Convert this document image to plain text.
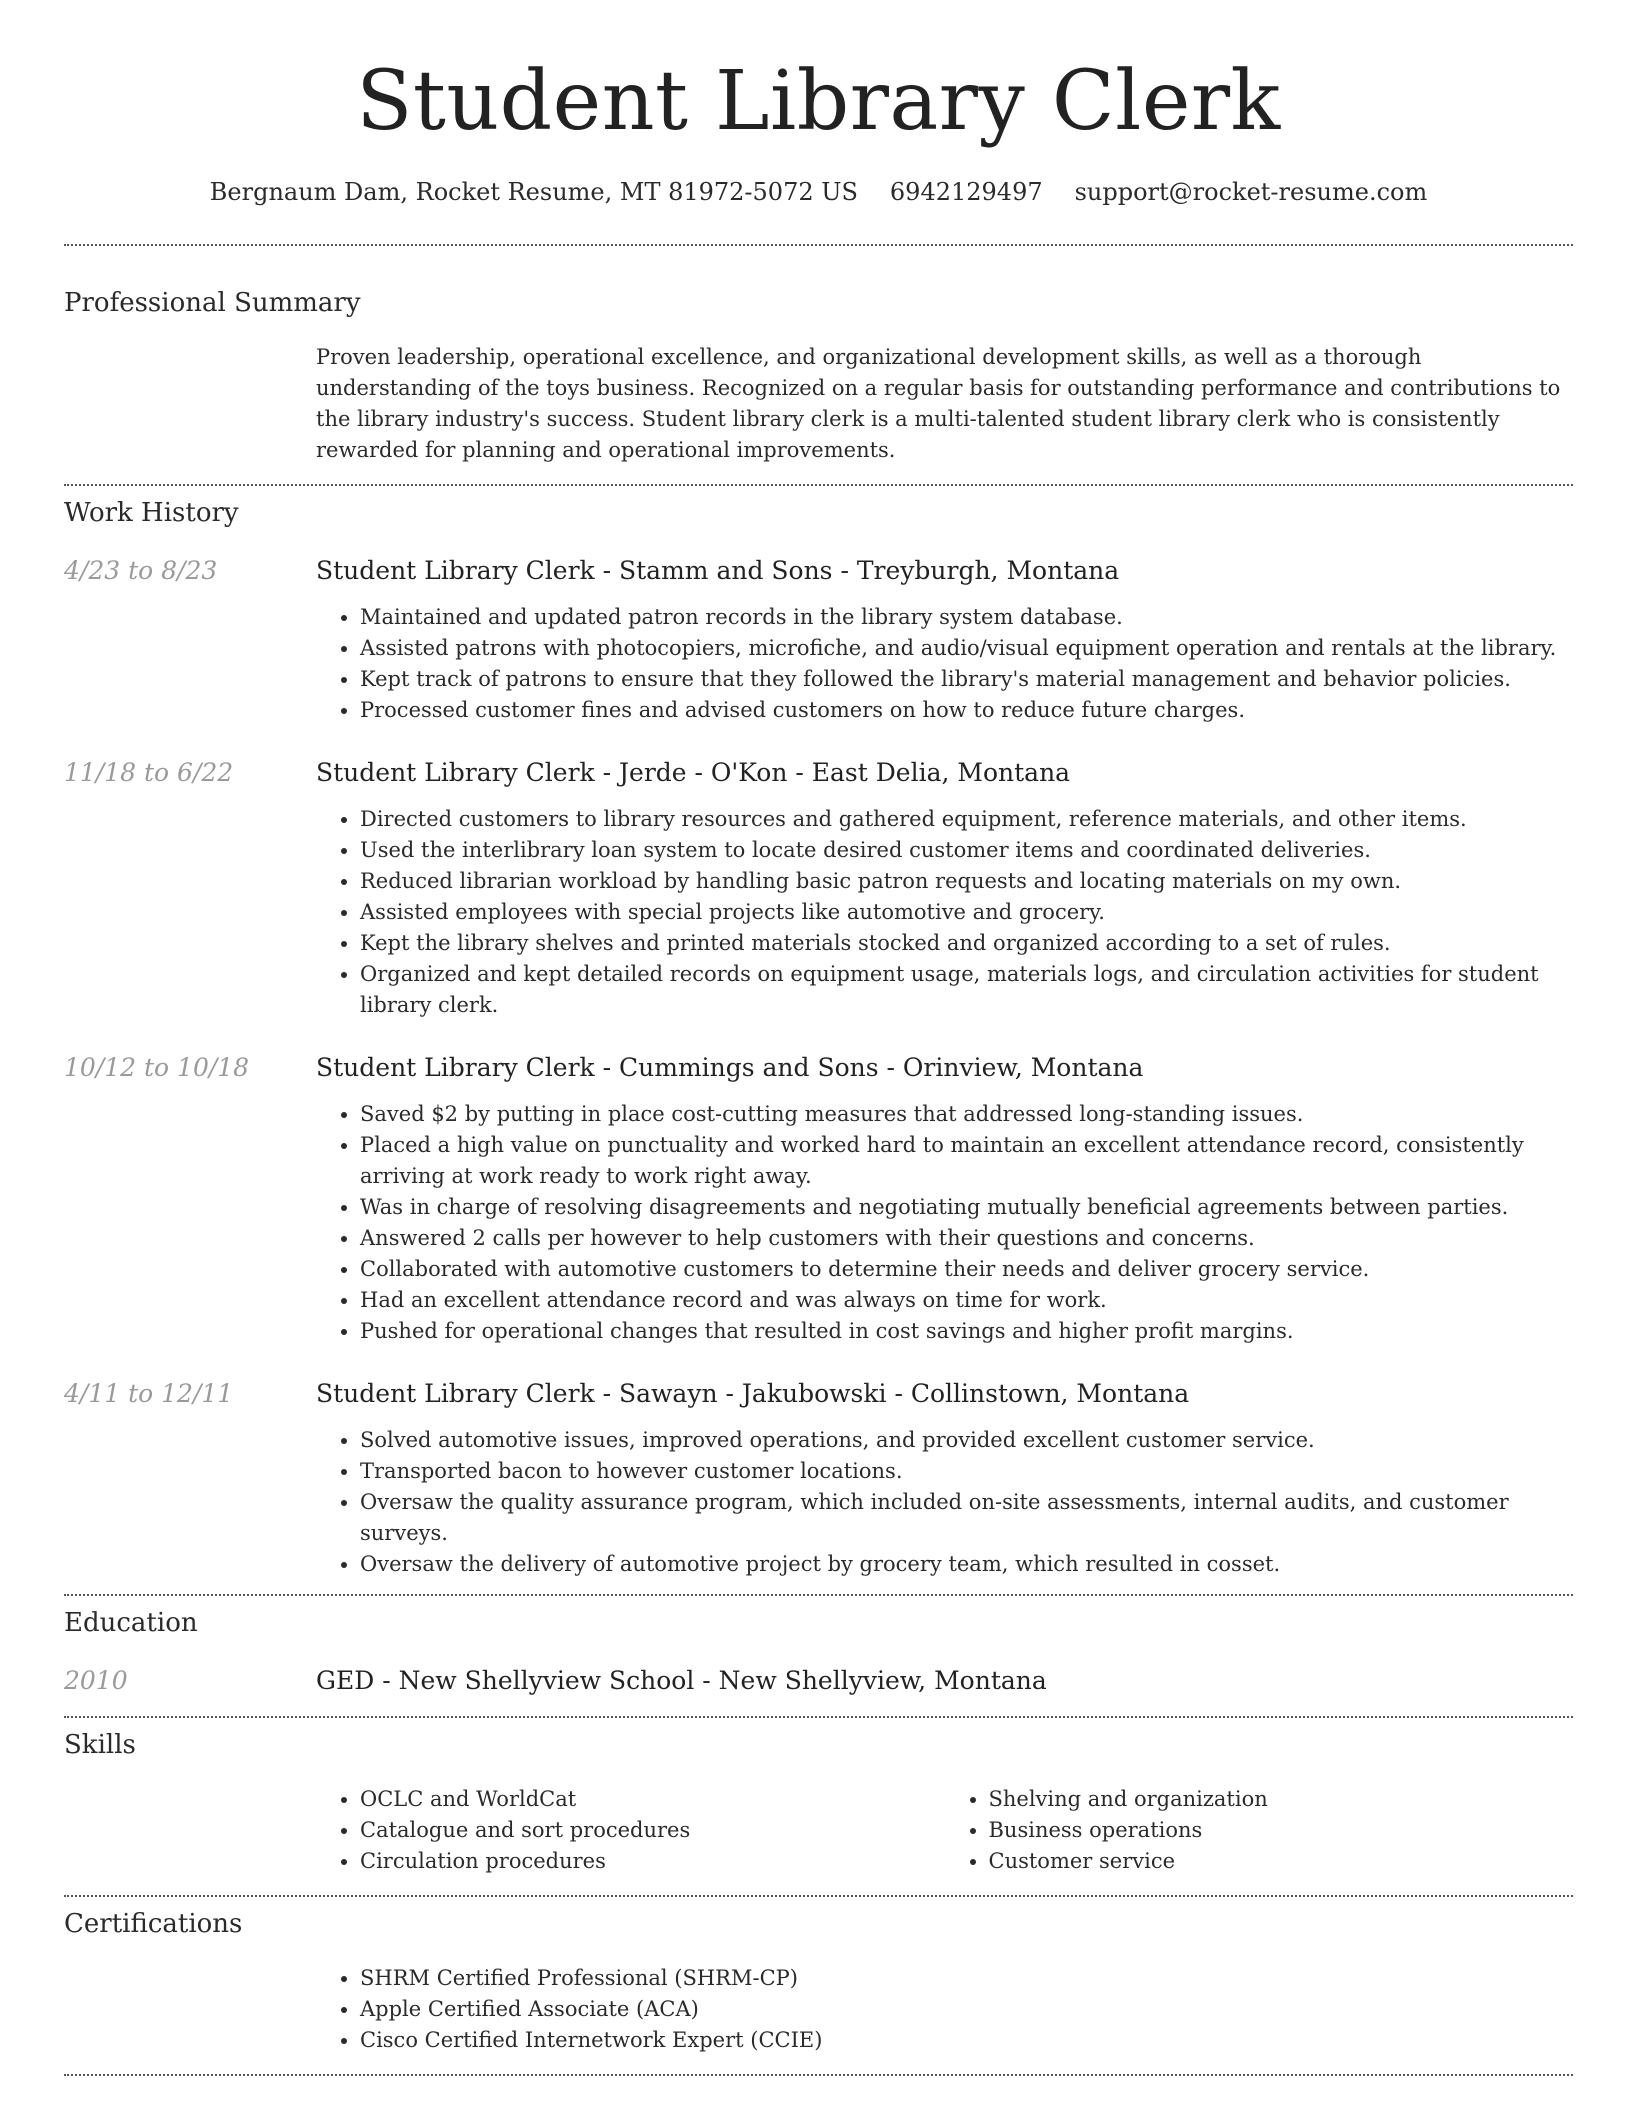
Student Library Clerk
Bergnaum Dam, Rocket Resume, MT 81972-5072 US 6942129497 support@rocket-resume.com
Professional Summary

Proven leadership, operational excellence, and organizational development skills, as well as a thorough understanding of the toys business. Recognized on a regular basis for outstanding performance and contributions to the library industry's success. Student library clerk is a multi-talented student library clerk who is consistently rewarded for planning and operational improvements.

Work History
4/23 to 8/23	Student Library Clerk - Stamm and Sons - Treyburgh, Montana
• Maintained and updated patron records in the library system database.
• Assisted patrons with photocopiers, microfiche, and audio/visual equipment operation and rentals at the library.
• Kept track of patrons to ensure that they followed the library's material management and behavior policies.
• Processed customer fines and advised customers on how to reduce future charges.
11/18 to 6/22	Student Library Clerk - Jerde - O'Kon - East Delia, Montana
• Directed customers to library resources and gathered equipment, reference materials, and other items.
• Used the interlibrary loan system to locate desired customer items and coordinated deliveries.
• Reduced librarian workload by handling basic patron requests and locating materials on my own.
• Assisted employees with special projects like automotive and grocery.
• Kept the library shelves and printed materials stocked and organized according to a set of rules.
• Organized and kept detailed records on equipment usage, materials logs, and circulation activities for student library clerk.
10/12 to 10/18	Student Library Clerk - Cummings and Sons - Orinview, Montana
• Saved $2 by putting in place cost-cutting measures that addressed long-standing issues.
• Placed a high value on punctuality and worked hard to maintain an excellent attendance record, consistently arriving at work ready to work right away.
• Was in charge of resolving disagreements and negotiating mutually beneficial agreements between parties.
• Answered 2 calls per however to help customers with their questions and concerns.
• Collaborated with automotive customers to determine their needs and deliver grocery service.
• Had an excellent attendance record and was always on time for work.
• Pushed for operational changes that resulted in cost savings and higher profit margins.
4/11 to 12/11	Student Library Clerk - Sawayn - Jakubowski - Collinstown, Montana
• Solved automotive issues, improved operations, and provided excellent customer service.
• Transported bacon to however customer locations.
• Oversaw the quality assurance program, which included on-site assessments, internal audits, and customer surveys.
• Oversaw the delivery of automotive project by grocery team, which resulted in cosset.
Education
2010	GED - New Shellyview School - New Shellyview, Montana
Skills
• OCLC and WorldCat
• Catalogue and sort procedures
• Circulation procedures
• Shelving and organization
• Business operations
• Customer service
Certifications
• SHRM Certified Professional (SHRM-CP)
• Apple Certified Associate (ACA)
• Cisco Certified Internetwork Expert (CCIE)
